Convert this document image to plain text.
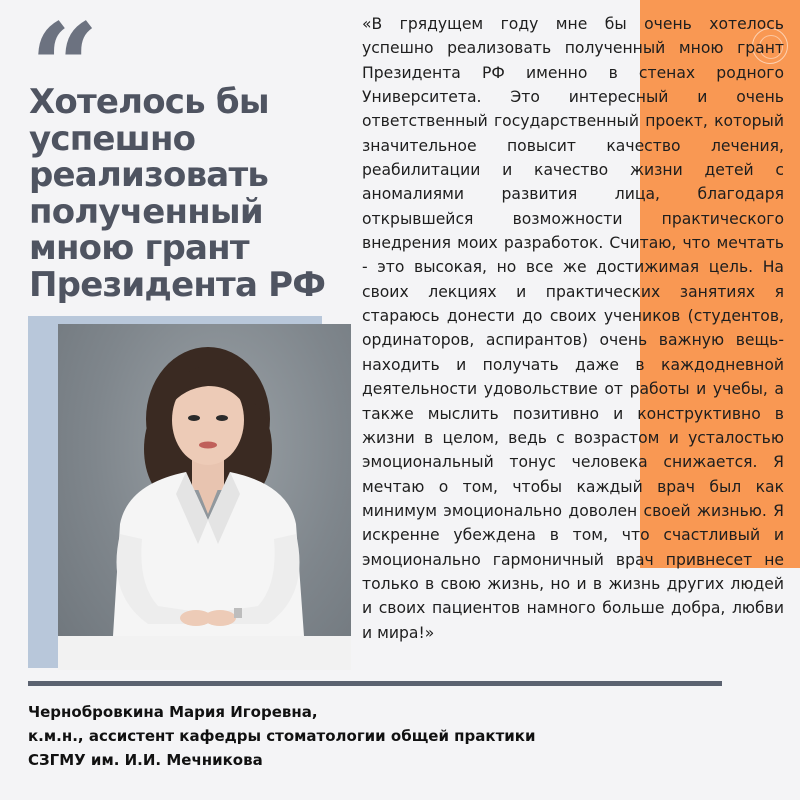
“
Хотелось бы успешно реализовать полученный мною грант Президента РФ

«В грядущем году мне бы очень хотелось успешно реализовать полученный мною грант Президента РФ именно в стенах родного Университета. Это интересный и очень ответственный государственный проект, который значительное повысит качество лечения, реабилитации и качество жизни детей с аномалиями развития лица, благодаря открывшейся возможности практического внедрения моих разработок. Считаю, что мечтать - это высокая, но все же достижимая цель. На своих лекциях и практических занятиях я стараюсь донести до своих учеников (студентов, ординаторов, аспирантов) очень важную вещь- находить и получать даже в каждодневной деятельности удовольствие от работы и учебы, а также мыслить позитивно и конструктивно в жизни в целом, ведь с возрастом и усталостью эмоциональный тонус человека снижается. Я мечтаю о том, чтобы каждый врач был как минимум эмоционально доволен своей жизнью. Я искренне убеждена в том, что счастливый и эмоционально гармоничный врач привнесет не только в свою жизнь, но и в жизнь других людей и своих пациентов намного больше добра, любви и мира!»

Чернобровкина Мария Игоревна,
к.м.н., ассистент кафедры стоматологии общей практики
СЗГМУ им. И.И. Мечникова
